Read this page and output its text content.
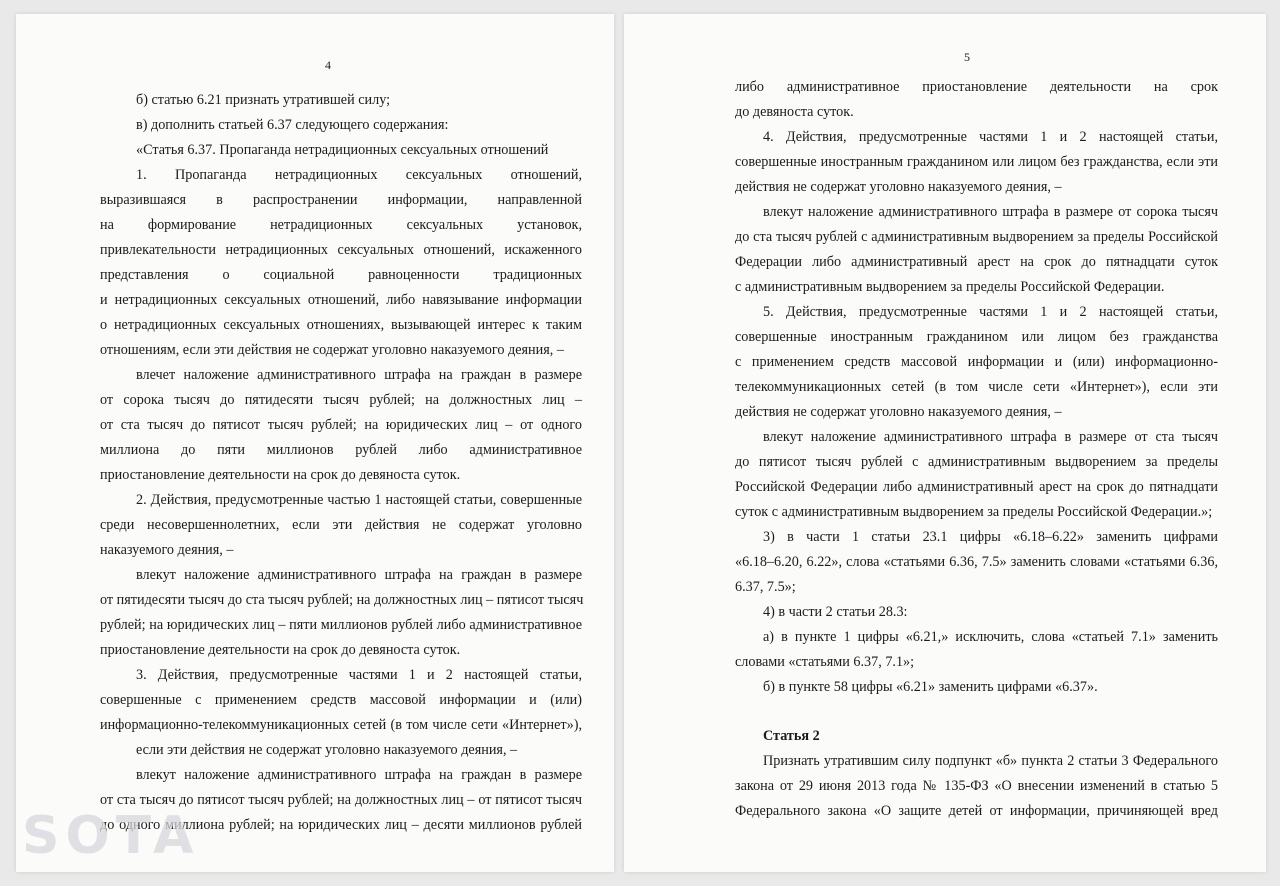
4
б) статью 6.21 признать утратившей силу;
в) дополнить статьей 6.37 следующего содержания:
«Статья 6.37. Пропаганда нетрадиционных сексуальных отношений
1. Пропаганда нетрадиционных сексуальных отношений,
выразившаяся в распространении информации, направленной
на формирование нетрадиционных сексуальных установок,
привлекательности нетрадиционных сексуальных отношений, искаженного
представления о социальной равноценности традиционных
и нетрадиционных сексуальных отношений, либо навязывание информации
о нетрадиционных сексуальных отношениях, вызывающей интерес к таким
отношениям, если эти действия не содержат уголовно наказуемого деяния, –
влечет наложение административного штрафа на граждан в размере
от сорока тысяч до пятидесяти тысяч рублей; на должностных лиц –
от ста тысяч до пятисот тысяч рублей; на юридических лиц – от одного
миллиона до пяти миллионов рублей либо административное
приостановление деятельности на срок до девяноста суток.
2. Действия, предусмотренные частью 1 настоящей статьи, совершенные
среди несовершеннолетних, если эти действия не содержат уголовно
наказуемого деяния, –
влекут наложение административного штрафа на граждан в размере
от пятидесяти тысяч до ста тысяч рублей; на должностных лиц – пятисот тысяч
рублей; на юридических лиц – пяти миллионов рублей либо административное
приостановление деятельности на срок до девяноста суток.
3. Действия, предусмотренные частями 1 и 2 настоящей статьи,
совершенные с применением средств массовой информации и (или)
информационно-телекоммуникационных сетей (в том числе сети «Интернет»),
если эти действия не содержат уголовно наказуемого деяния, –
влекут наложение административного штрафа на граждан в размере
от ста тысяч до пятисот тысяч рублей; на должностных лиц – от пятисот тысяч
до одного миллиона рублей; на юридических лиц – десяти миллионов рублей
5
либо административное приостановление деятельности на срок
до девяноста суток.
4. Действия, предусмотренные частями 1 и 2 настоящей статьи,
совершенные иностранным гражданином или лицом без гражданства, если эти
действия не содержат уголовно наказуемого деяния, –
влекут наложение административного штрафа в размере от сорока тысяч
до ста тысяч рублей с административным выдворением за пределы Российской
Федерации либо административный арест на срок до пятнадцати суток
с административным выдворением за пределы Российской Федерации.
5. Действия, предусмотренные частями 1 и 2 настоящей статьи,
совершенные иностранным гражданином или лицом без гражданства
с применением средств массовой информации и (или) информационно-
телекоммуникационных сетей (в том числе сети «Интернет»), если эти
действия не содержат уголовно наказуемого деяния, –
влекут наложение административного штрафа в размере от ста тысяч
до пятисот тысяч рублей с административным выдворением за пределы
Российской Федерации либо административный арест на срок до пятнадцати
суток с административным выдворением за пределы Российской Федерации.»;
3) в части 1 статьи 23.1 цифры «6.18–6.22» заменить цифрами
«6.18–6.20, 6.22», слова «статьями 6.36, 7.5» заменить словами «статьями 6.36,
6.37, 7.5»;
4) в части 2 статьи 28.3:
а) в пункте 1 цифры «6.21,» исключить, слова «статьей 7.1» заменить
словами «статьями 6.37, 7.1»;
б) в пункте 58 цифры «6.21» заменить цифрами «6.37».
Статья 2
Признать утратившим силу подпункт «б» пункта 2 статьи 3 Федерального
закона от 29 июня 2013 года № 135-ФЗ «О внесении изменений в статью 5
Федерального закона «О защите детей от информации, причиняющей вред
SOTA
